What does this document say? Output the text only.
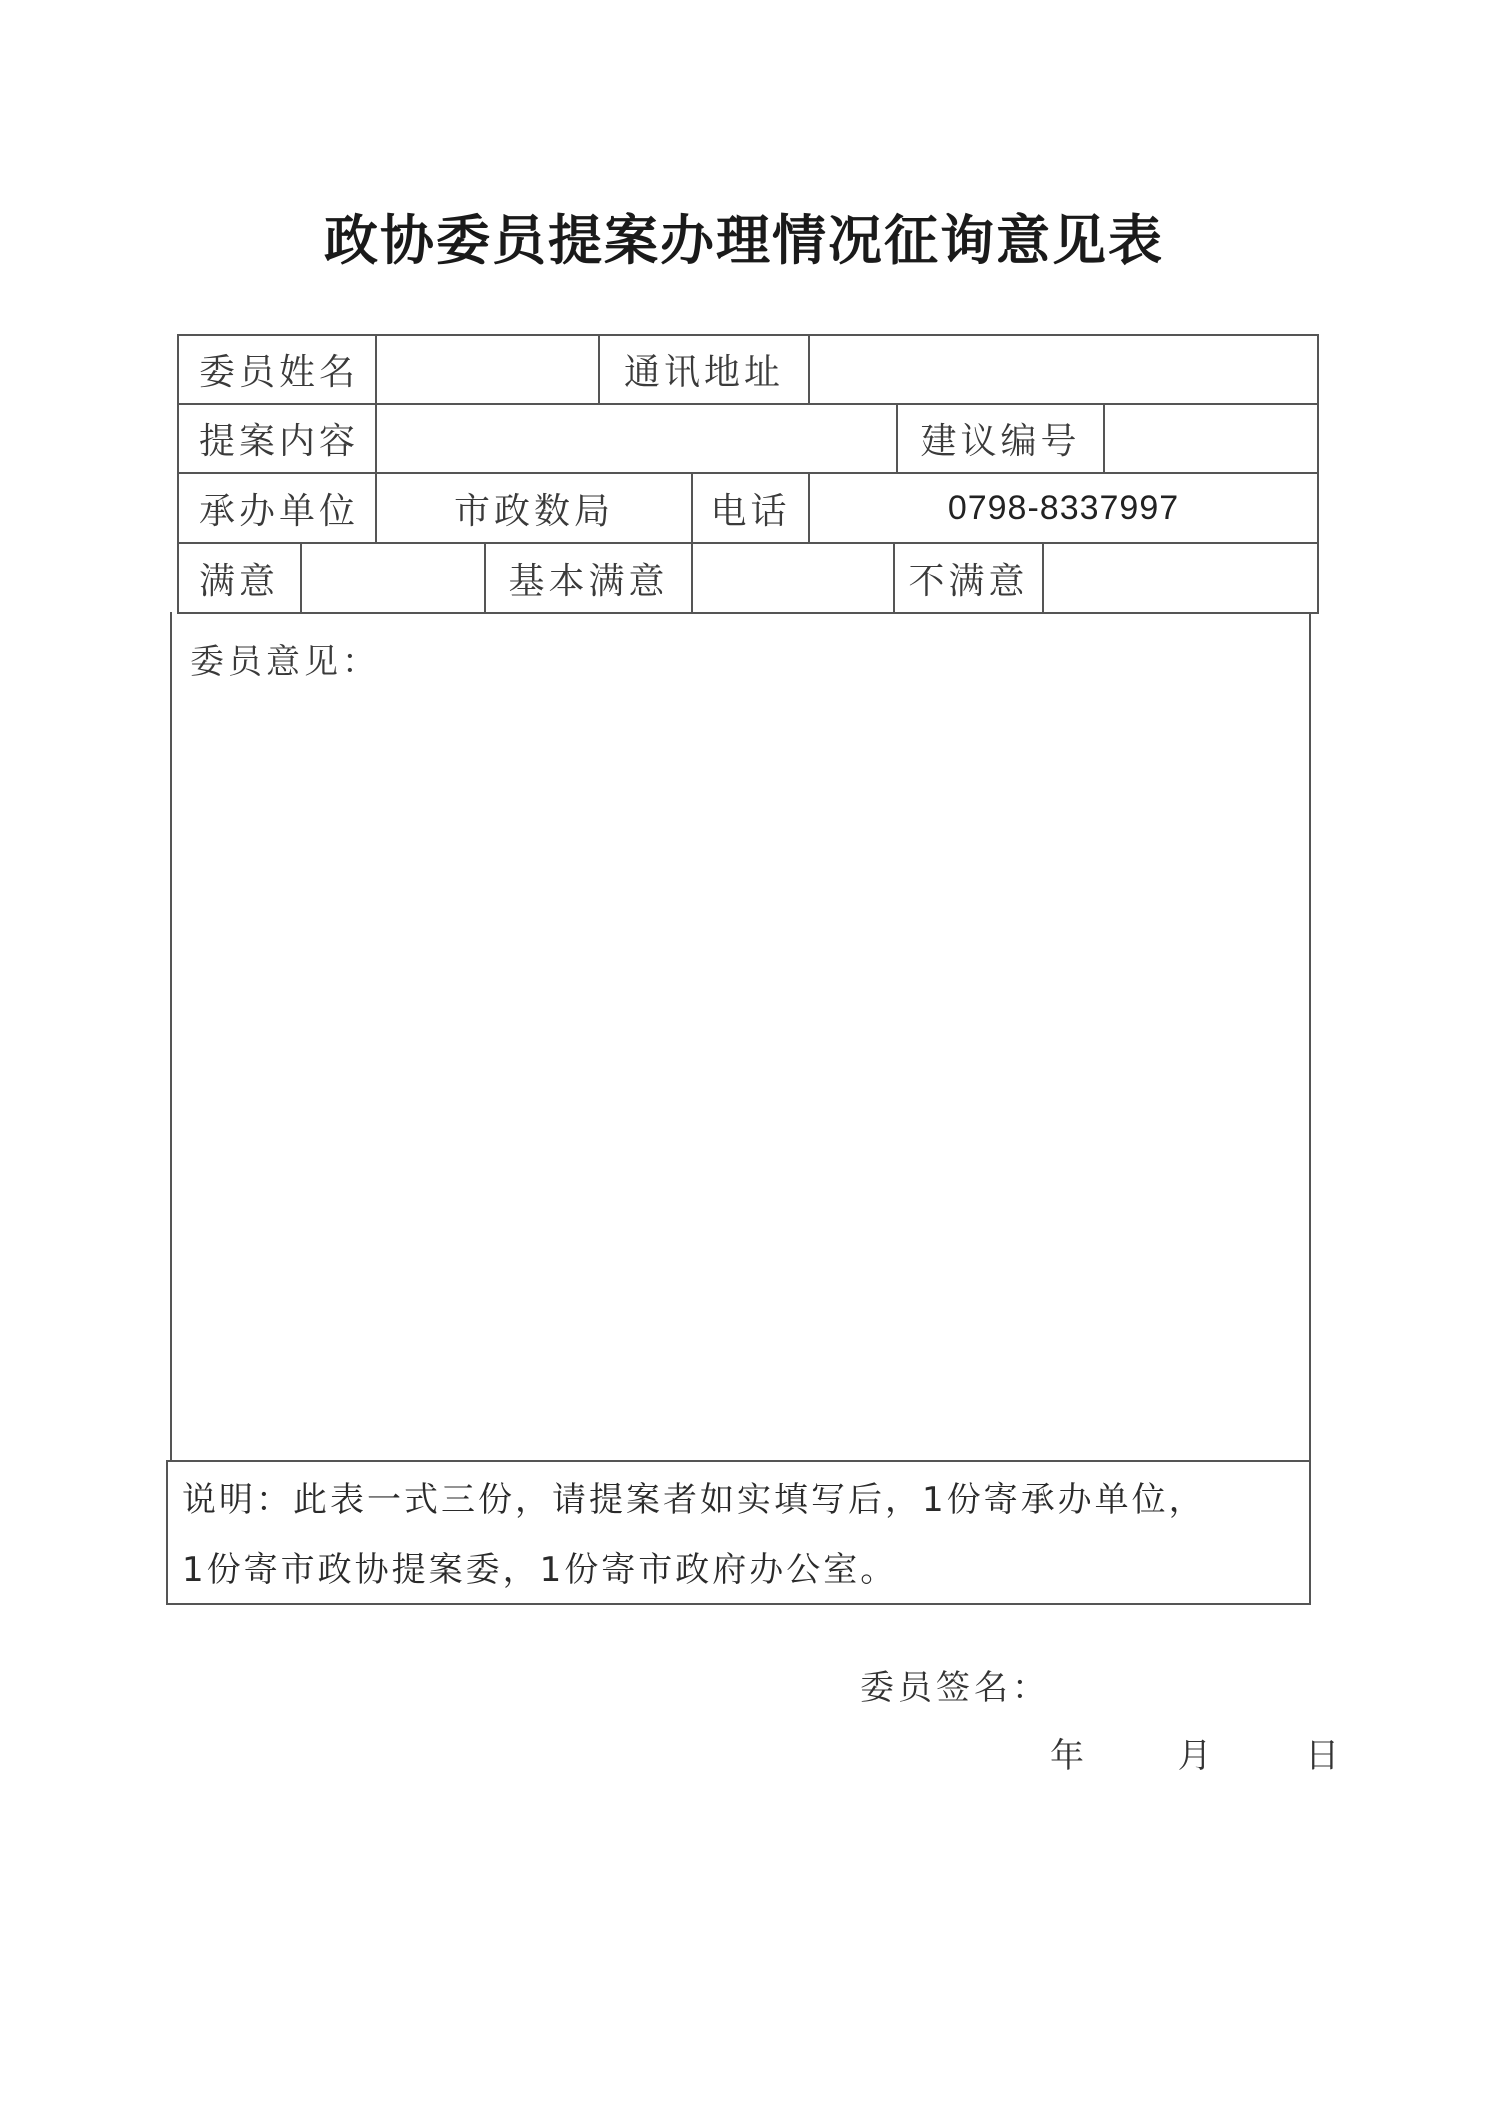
政协委员提案办理情况征询意见表
委员姓名	通讯地址
提案内容	建议编号
承办单位	市政数局	电话	0798-8337997
满意	基本满意	不满意
委员意见：
说明：此表一式三份，请提案者如实填写后，1份寄承办单位，
1份寄市政协提案委，1份寄市政府办公室。
委员签名：
年	月	日
